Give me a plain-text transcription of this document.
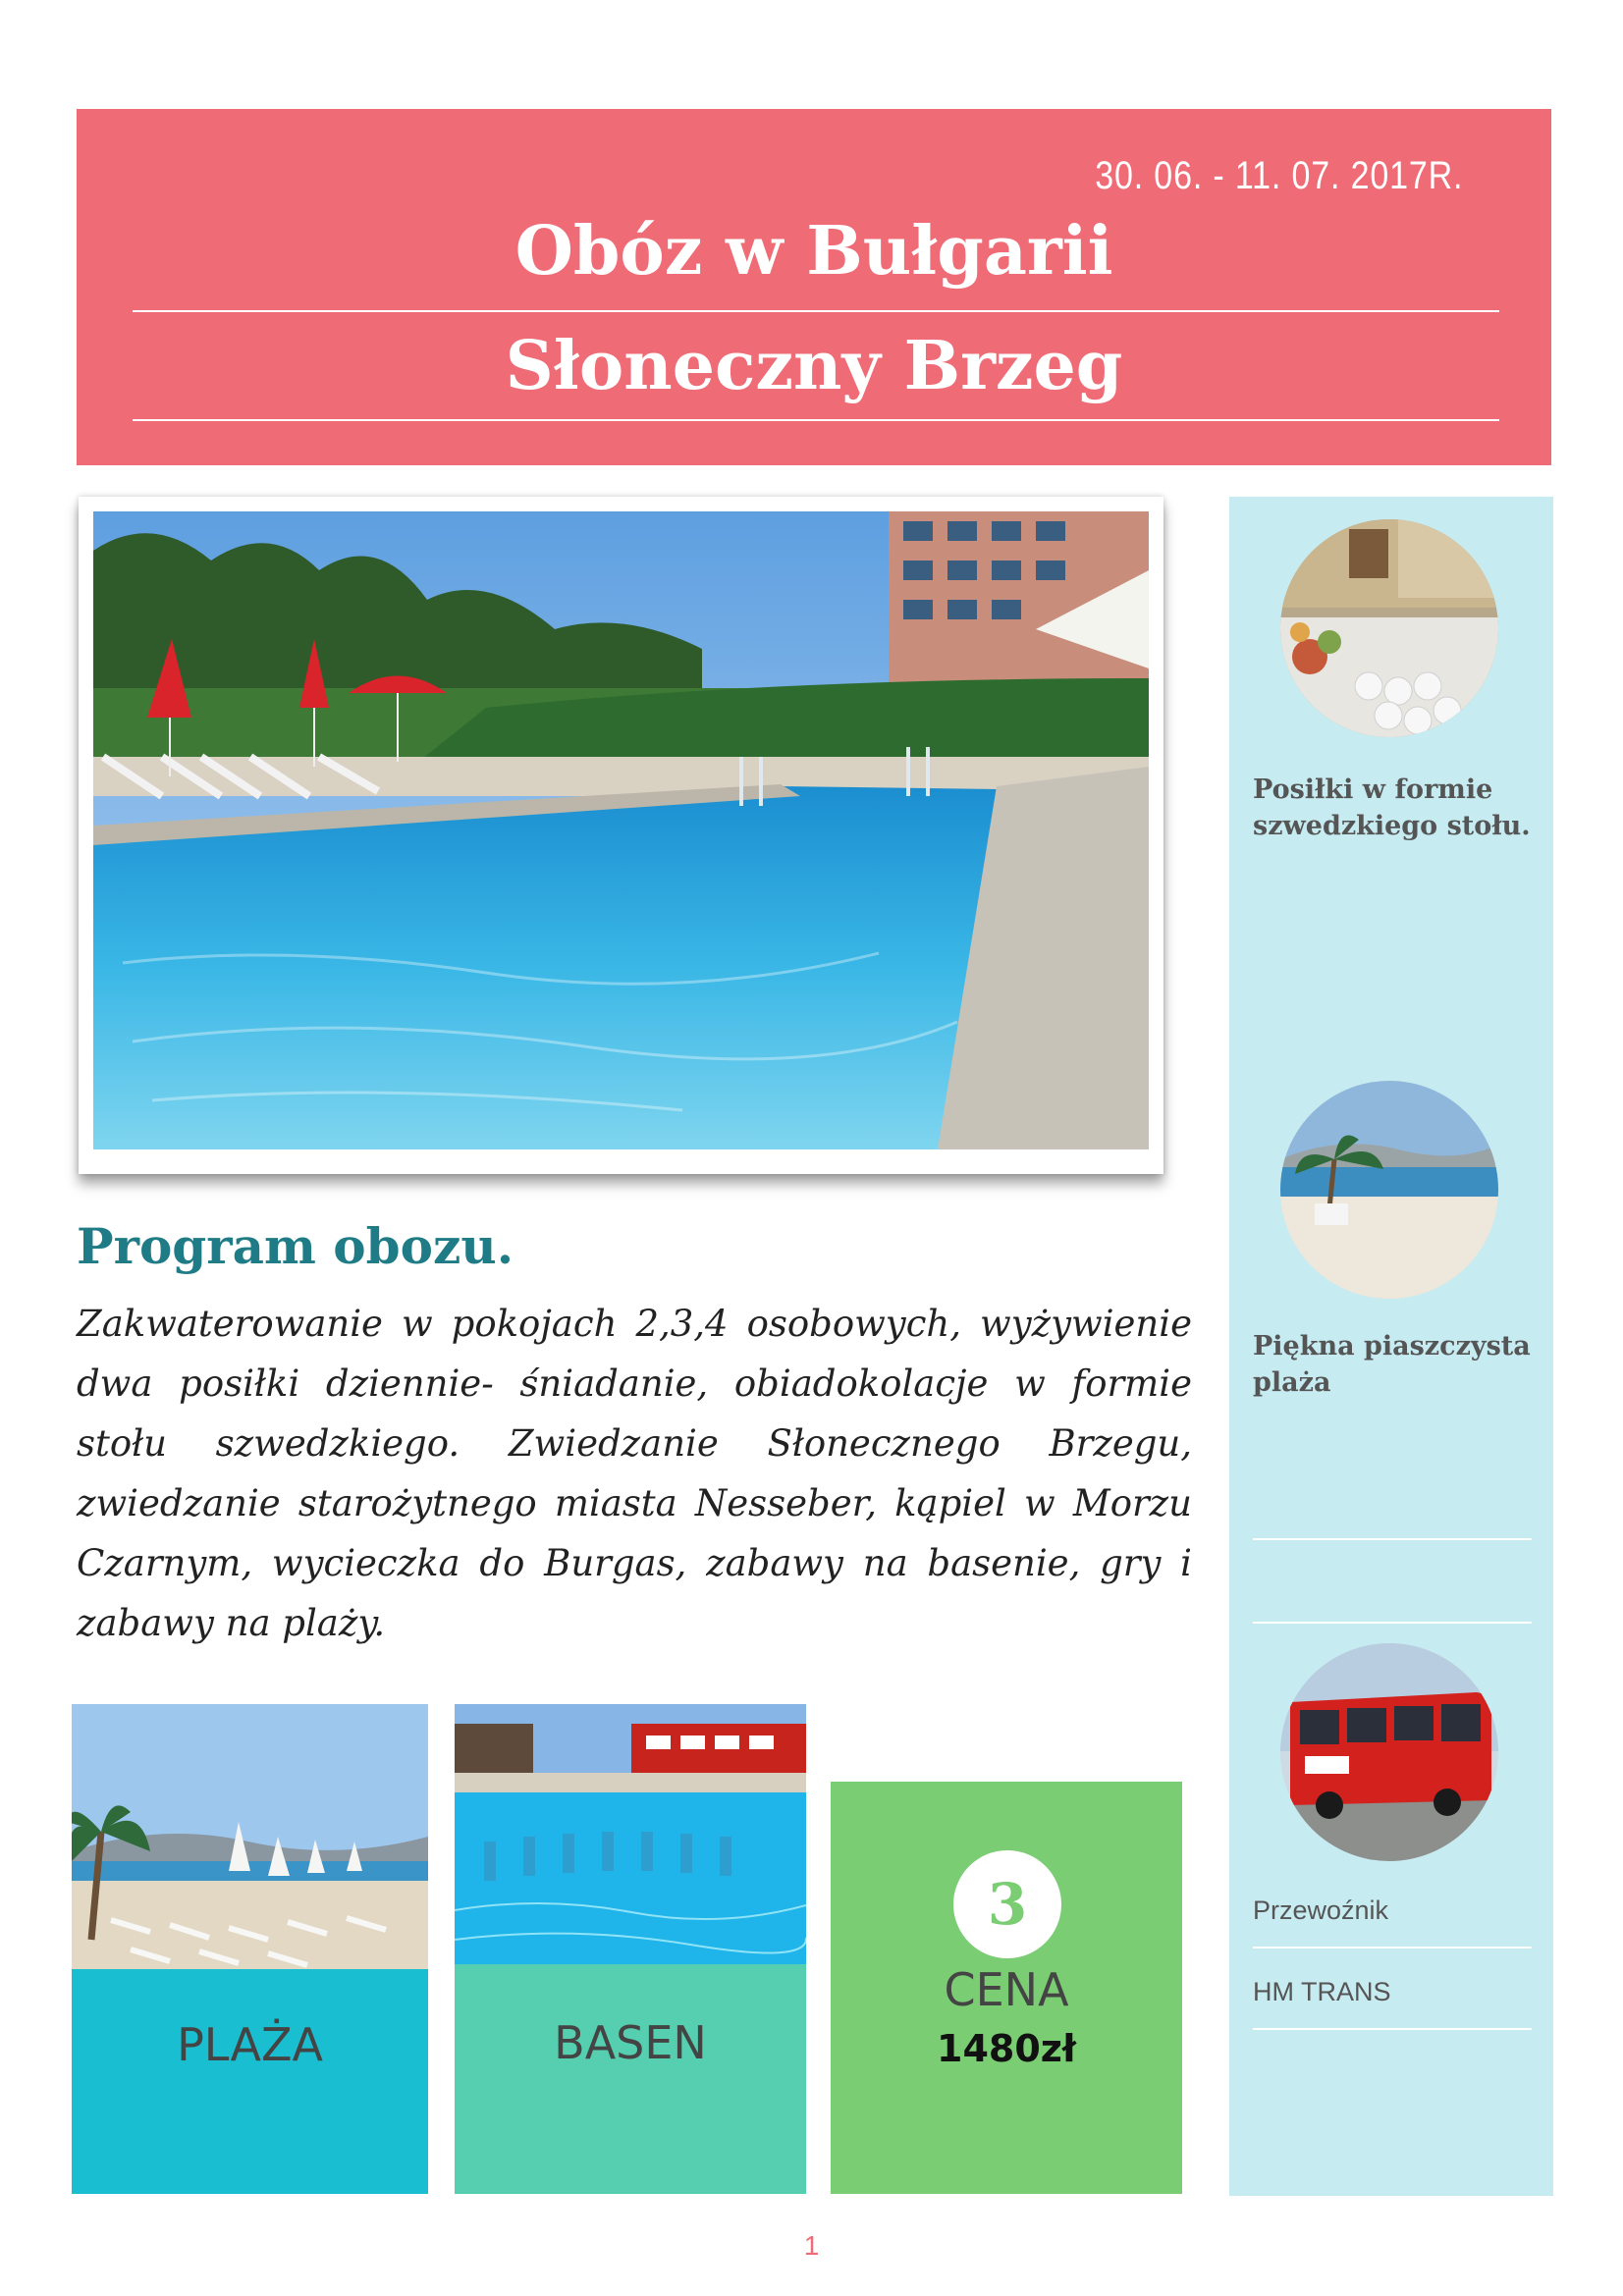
30. 06. - 11. 07. 2017R.
Obóz w Bułgarii
Słoneczny Brzeg
Program obozu.
Zakwaterowanie w pokojach 2,3,4 osobowych, wyżywienie dwa posiłki dziennie- śniadanie, obiadokolacje w formie stołu szwedzkiego. Zwiedzanie Słonecznego Brzegu, zwiedzanie starożytnego miasta Nesseber, kąpiel w Morzu Czarnym, wycieczka do Burgas, zabawy na basenie, gry i zabawy na plaży.
PLAŻA	BASEN
3
CENA
1480zł
Posiłki w formie szwedzkiego stołu.
Piękna piaszczysta plaża
Przewoźnik
HM TRANS
1
